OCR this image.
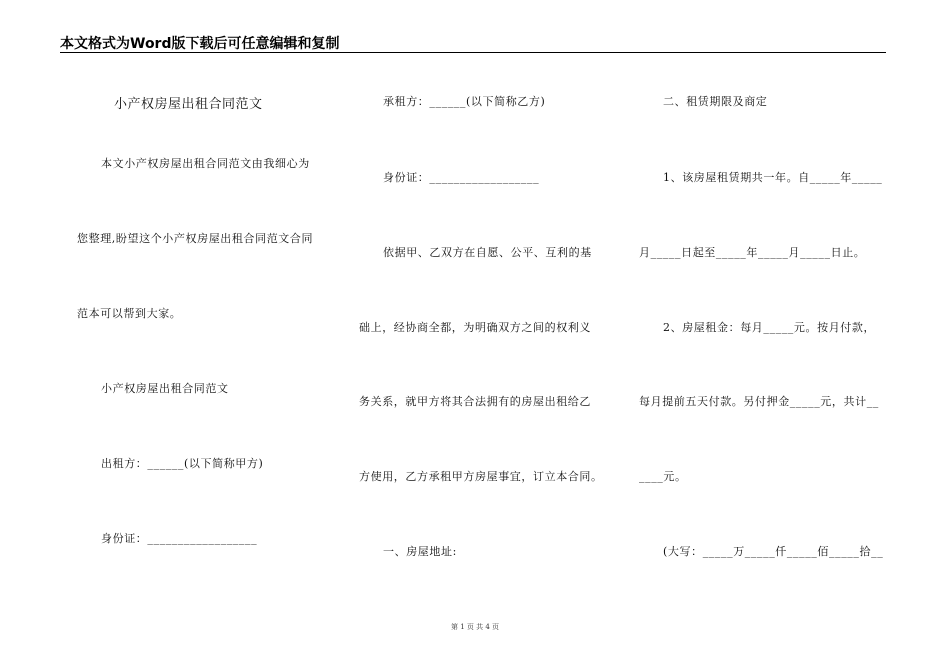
本文格式为Word版下载后可任意编辑和复制
小产权房屋出租合同范文
本文小产权房屋出租合同范文由我细心为
您整理,盼望这个小产权房屋出租合同范文合同
范本可以帮到大家。
小产权房屋出租合同范文
出租方：______(以下简称甲方)
身份证：__________________
承租方：______(以下简称乙方)
身份证：__________________
依据甲、乙双方在自愿、公平、互利的基
础上，经协商全都，为明确双方之间的权利义
务关系，就甲方将其合法拥有的房屋出租给乙
方使用，乙方承租甲方房屋事宜，订立本合同。
一、房屋地址:
二、租赁期限及商定
1、该房屋租赁期共一年。自_____年_____
月_____日起至_____年_____月_____日止。
2、房屋租金：每月_____元。按月付款，
每月提前五天付款。另付押金_____元，共计__
____元。
(大写：_____万_____仟_____佰_____拾__
第 1 页 共 4 页
